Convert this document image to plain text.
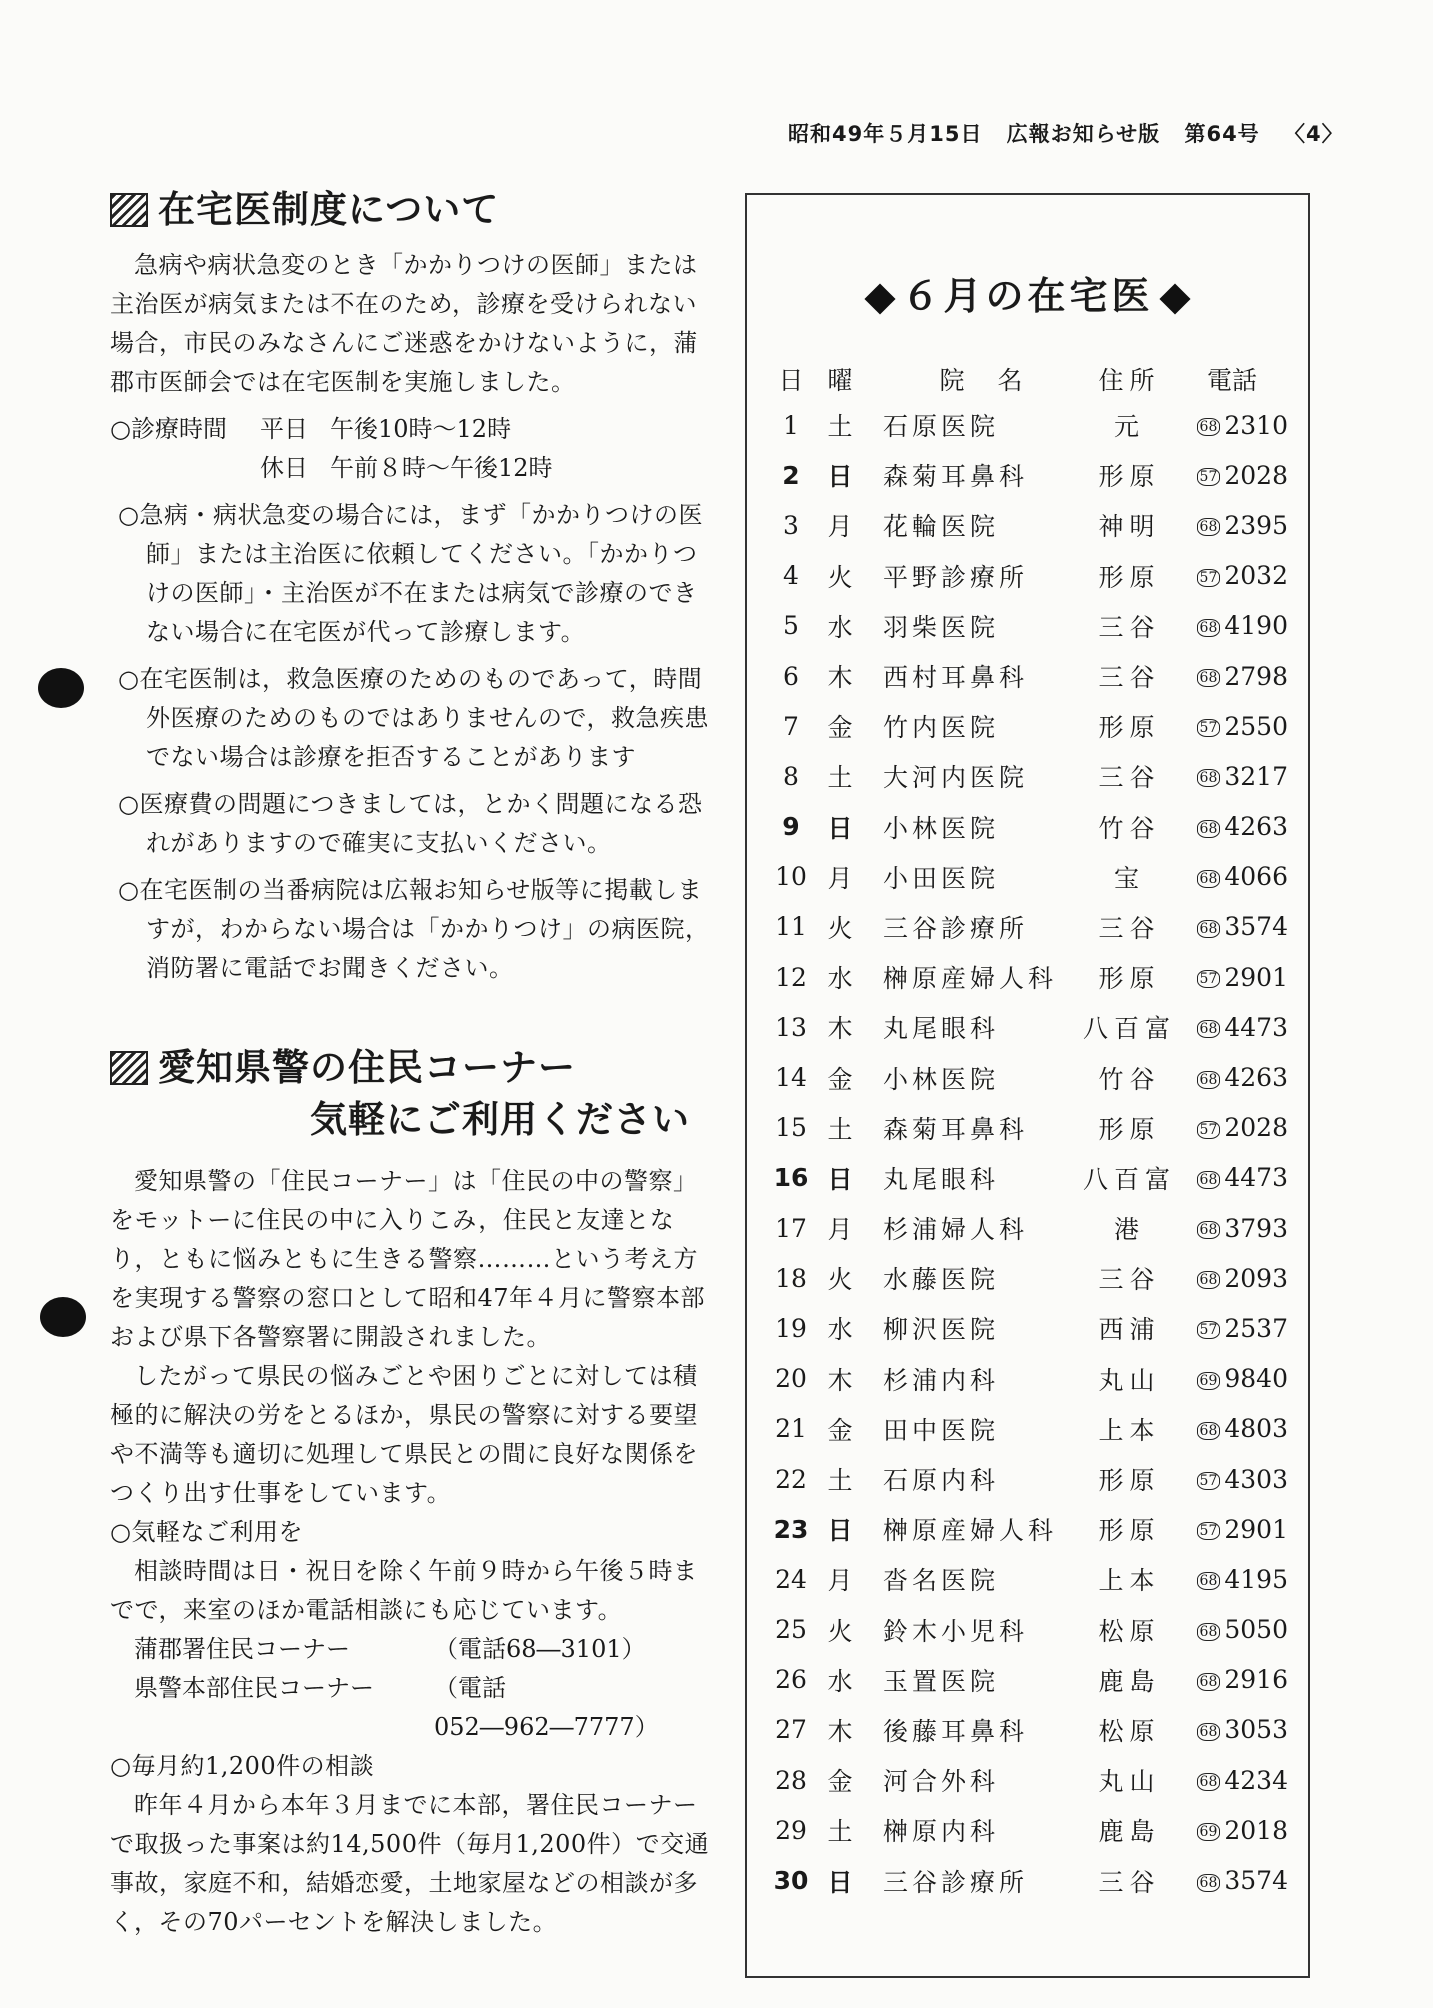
昭和49年５月15日 広報お知らせ版 第64号 〈4〉
在宅医制度について

急病や病状急変のとき「かかりつけの医師」または主治医が病気または不在のため，診療を受けられない場合，市民のみなさんにご迷惑をかけないように，蒲郡市医師会では在宅医制を実施しました。

○診療時間	平日 午後10時〜12時
休日 午前８時〜午後12時

○急病・病状急変の場合には，まず「かかりつけの医師」または主治医に依頼してください。「かかりつけの医師」・主治医が不在または病気で診療のできない場合に在宅医が代って診療します。

○在宅医制は，救急医療のためのものであって，時間外医療のためのものではありませんので，救急疾患でない場合は診療を拒否することがあります

○医療費の問題につきましては，とかく問題になる恐れがありますので確実に支払いください。

○在宅医制の当番病院は広報お知らせ版等に掲載しますが，わからない場合は「かかりつけ」の病医院，消防署に電話でお聞きください。

愛知県警の住民コーナー
気軽にご利用ください

愛知県警の「住民コーナー」は「住民の中の警察」をモットーに住民の中に入りこみ，住民と友達となり，ともに悩みともに生きる警察………という考え方を実現する警察の窓口として昭和47年４月に警察本部および県下各警察署に開設されました。

したがって県民の悩みごとや困りごとに対しては積極的に解決の労をとるほか，県民の警察に対する要望や不満等も適切に処理して県民との間に良好な関係をつくり出す仕事をしています。

○気軽なご利用を

相談時間は日・祝日を除く午前９時から午後５時までで，来室のほか電話相談にも応じています。

蒲郡署住民コーナー	（電話68―3101）
県警本部住民コーナー	（電話052―962―7777）

○毎月約1,200件の相談

昨年４月から本年３月までに本部，署住民コーナーで取扱った事案は約14,500件（毎月1,200件）で交通事故，家庭不和，結婚恋愛，土地家屋などの相談が多く，その70パーセントを解決しました。

６月の在宅医
日	曜	院　名	住所	電話
1	土	石原医院	元	68 2310
2	日	森菊耳鼻科	形原	57 2028
3	月	花輪医院	神明	68 2395
4	火	平野診療所	形原	57 2032
5	水	羽柴医院	三谷	68 4190
6	木	西村耳鼻科	三谷	68 2798
7	金	竹内医院	形原	57 2550
8	土	大河内医院	三谷	68 3217
9	日	小林医院	竹谷	68 4263
10	月	小田医院	宝	68 4066
11	火	三谷診療所	三谷	68 3574
12	水	榊原産婦人科	形原	57 2901
13	木	丸尾眼科	八百富	68 4473
14	金	小林医院	竹谷	68 4263
15	土	森菊耳鼻科	形原	57 2028
16	日	丸尾眼科	八百富	68 4473
17	月	杉浦婦人科	港	68 3793
18	火	水藤医院	三谷	68 2093
19	水	柳沢医院	西浦	57 2537
20	木	杉浦内科	丸山	69 9840
21	金	田中医院	上本	68 4803
22	土	石原内科	形原	57 4303
23	日	榊原産婦人科	形原	57 2901
24	月	沓名医院	上本	68 4195
25	火	鈴木小児科	松原	68 5050
26	水	玉置医院	鹿島	68 2916
27	木	後藤耳鼻科	松原	68 3053
28	金	河合外科	丸山	68 4234
29	土	榊原内科	鹿島	69 2018
30	日	三谷診療所	三谷	68 3574
